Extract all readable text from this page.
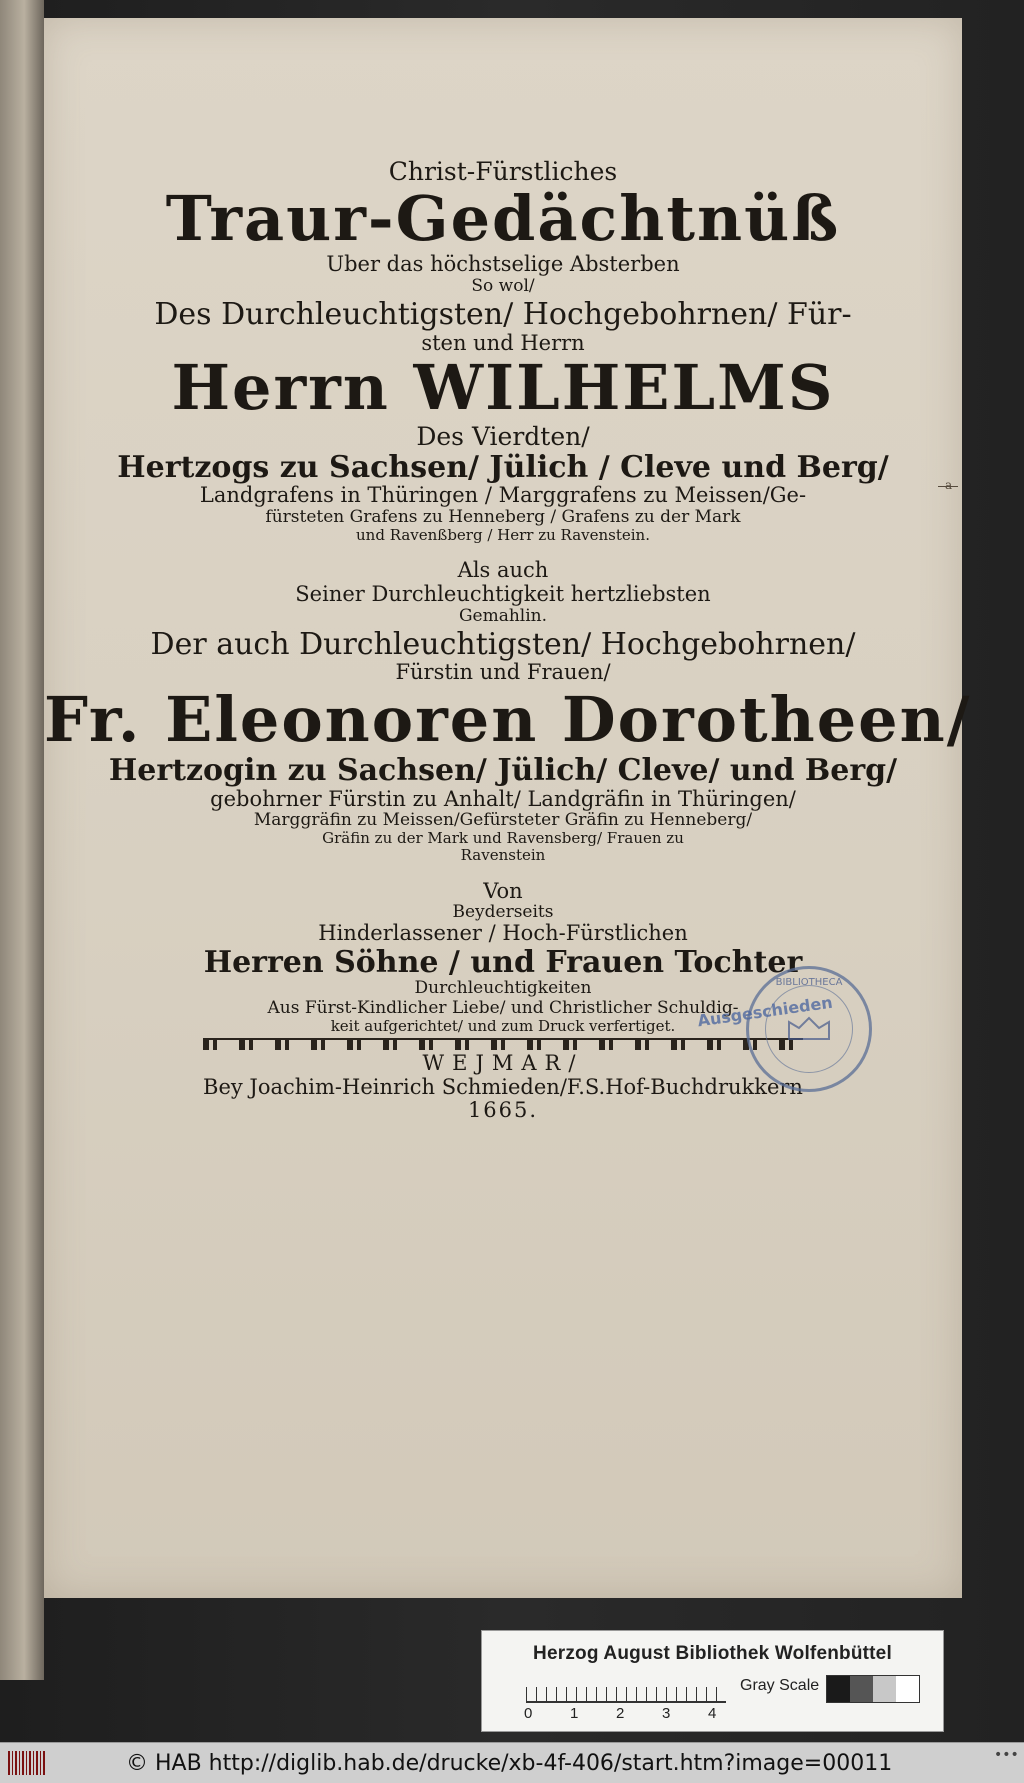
Christ-Fürstliches
Traur-Gedächtnüß
Uber das höchstselige Absterben
So wol/
Des Durchleuchtigsten/ Hochgebohrnen/ Für-
sten und Herrn
Herrn WILHELMS
Des Vierdten/
Hertzogs zu Sachsen/ Jülich / Cleve und Berg/
Landgrafens in Thüringen / Marggrafens zu Meissen/Ge-
fürsteten Grafens zu Henneberg / Grafens zu der Mark
und Ravenßberg / Herr zu Ravenstein.
Als auch
Seiner Durchleuchtigkeit hertzliebsten
Gemahlin.
Der auch Durchleuchtigsten/ Hochgebohrnen/
Fürstin und Frauen/
Fr. Eleonoren Dorotheen/
Hertzogin zu Sachsen/ Jülich/ Cleve/ und Berg/
gebohrner Fürstin zu Anhalt/ Landgräfin in Thüringen/
Marggräfin zu Meissen/Gefürsteter Gräfin zu Henneberg/
Gräfin zu der Mark und Ravensberg/ Frauen zu
Ravenstein
Von
Beyderseits
Hinderlassener / Hoch-Fürstlichen
Herren Söhne / und Frauen Tochter
Durchleuchtigkeiten
Aus Fürst-Kindlicher Liebe/ und Christlicher Schuldig-
keit aufgerichtet/ und zum Druck verfertiget.
WEJMAR/
Bey Joachim-Heinrich Schmieden/F.S.Hof-Buchdrukkern
1665.
a
BIBLIOTHECA
Ausgeschieden
Herzog August Bibliothek Wolfenbüttel
0	1	2	3	4
Gray Scale
© HAB http://diglib.hab.de/drucke/xb-4f-406/start.htm?image=00011	•••
